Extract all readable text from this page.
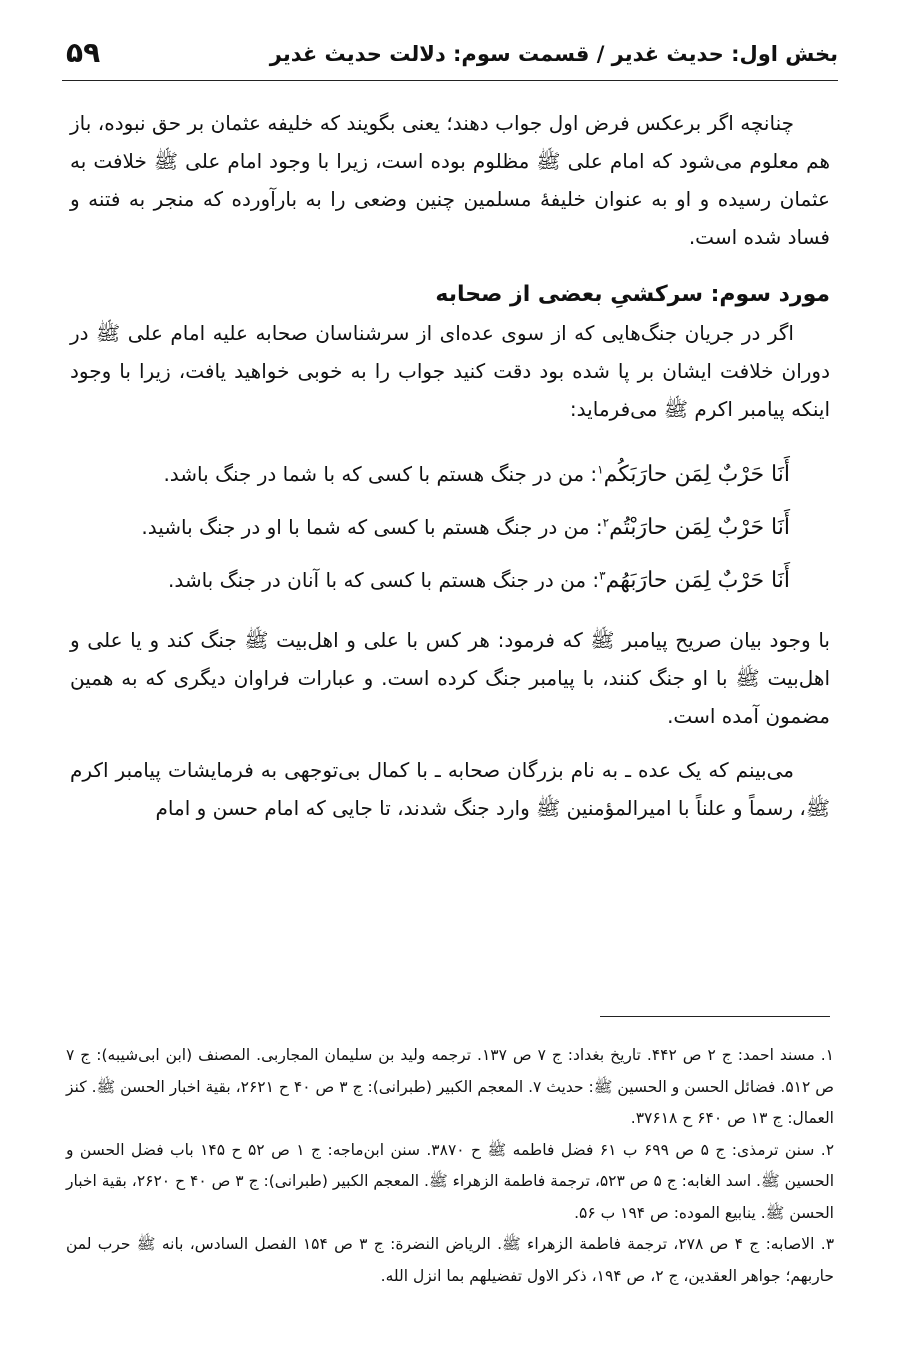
بخش اول: حدیث غدیر / قسمت سوم: دلالت حدیث غدیر
۵۹

چنانچه اگر برعکس فرض اول جواب دهند؛ یعنی بگویند که خلیفه عثمان بر حق نبوده، باز هم معلوم می‌شود که امام علی ﷺ مظلوم بوده است، زیرا با وجود امام علی ﷺ خلافت به عثمان رسیده و او به عنوان خلیفهٔ مسلمین چنین وضعی را به بارآورده که منجر به فتنه و فساد شده است.

مورد سوم: سرکشیِ بعضی از صحابه

اگر در جریان جنگ‌هایی که از سوی عده‌ای از سرشناسان صحابه علیه امام علی ﷺ در دوران خلافت ایشان بر پا شده بود دقت کنید جواب را به خوبی خواهید یافت، زیرا با وجود اینکه پیامبر اکرم ﷺ می‌فرماید:

أَنَا حَرْبٌ لِمَن حارَبَکُم$^۱$: من در جنگ هستم با کسی که با شما در جنگ باشد.
أَنَا حَرْبٌ لِمَن حارَبْتُم$^۲$: من در جنگ هستم با کسی که شما با او در جنگ باشید.
أَنَا حَرْبٌ لِمَن حارَبَهُم$^۳$: من در جنگ هستم با کسی که با آنان در جنگ باشد.

با وجود بیان صریح پیامبر ﷺ که فرمود: هر کس با علی و اهل‌بیت ﷺ جنگ کند و یا علی و اهل‌بیت ﷺ با او جنگ کنند، با پیامبر جنگ کرده است. و عبارات فراوان دیگری که به همین مضمون آمده است.

می‌بینم که یک عده ـ به نام بزرگان صحابه ـ با کمال بی‌توجهی به فرمایشات پیامبر اکرم ﷺ، رسماً و علناً با امیرالمؤمنین ﷺ وارد جنگ شدند، تا جایی که امام حسن و امام

۱. مسند احمد: ج ۲ ص ۴۴۲. تاریخ بغداد: ج ۷ ص ۱۳۷. ترجمه ولید بن سلیمان المجاربی. المصنف (ابن ابی‌شیبه): ج ۷ ص ۵۱۲. فضائل الحسن و الحسین ﷺ: حدیث ۷. المعجم الکبیر (طبرانی): ج ۳ ص ۴۰ ح ۲۶۲۱، بقیة اخبار الحسن ﷺ. کنز العمال: ج ۱۳ ص ۶۴۰ ح ۳۷۶۱۸.

۲. سنن ترمذی: ج ۵ ص ۶۹۹ ب ۶۱ فضل فاطمه ﷺ ح ۳۸۷۰. سنن ابن‌ماجه: ج ۱ ص ۵۲ ح ۱۴۵ باب فضل الحسن و الحسین ﷺ. اسد الغابه: ج ۵ ص ۵۲۳، ترجمة فاطمة الزهراء ﷺ. المعجم الکبیر (طبرانی): ج ۳ ص ۴۰ ح ۲۶۲۰، بقیة اخبار الحسن ﷺ. ینابیع الموده: ص ۱۹۴ ب ۵۶.

۳. الاصابه: ج ۴ ص ۲۷۸، ترجمة فاطمة الزهراء ﷺ. الریاض النضرة: ج ۳ ص ۱۵۴ الفصل السادس، بانه ﷺ حرب لمن حاربهم؛ جواهر العقدین، ج ۲، ص ۱۹۴، ذکر الاول تفضیلهم بما انزل الله.
